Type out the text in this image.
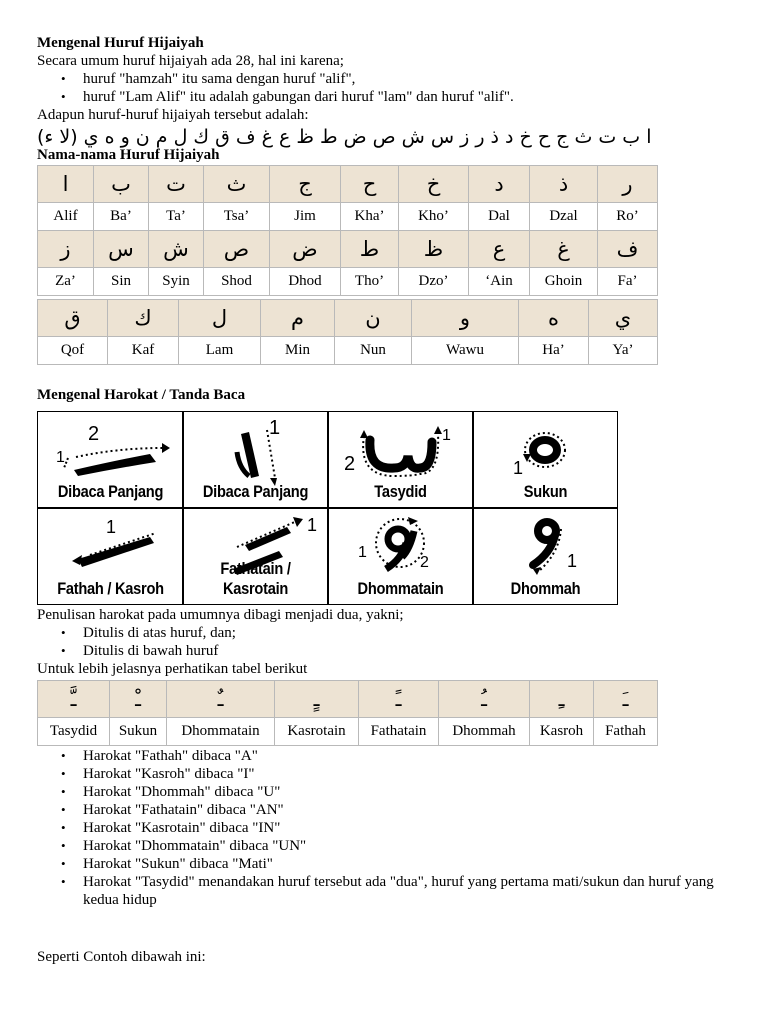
Mengenal Huruf Hijaiyah

Secara umum huruf hijaiyah ada 28, hal ini karena;

• huruf "hamzah" itu sama dengan huruf "alif",
• huruf "Lam Alif" itu adalah gabungan dari huruf "lam" dan huruf "alif".

Adapun huruf-huruf hijaiyah tersebut adalah:

ا ب ت ث ج ح خ د ذ ر ز س ش ص ض ط ظ ع غ ف ق ك ل م ن و ه ي (لا ء)

Nama-nama Huruf Hijaiyah

ا	ب	ت	ث	ج	ح	خ	د	ذ	ر
Alif	Ba’	Ta’	Tsa’	Jim	Kha’	Kho’	Dal	Dzal	Ro’
ز	س	ش	ص	ض	ط	ظ	ع	غ	ف
Za’	Sin	Syin	Shod	Dhod	Tho’	Dzo’	‘Ain	Ghoin	Fa’
ق	ك	ل	م	ن	و	ه	ي
Qof	Kaf	Lam	Min	Nun	Wawu	Ha’	Ya’

Mengenal Harokat / Tanda Baca

1
2
Dibaca Panjang
1
Dibaca Panjang
1
2
Tasydid
1
Sukun
1
Fathah / Kasroh
1
Fathatain / Kasrotain
1
2
Dhommatain
1
Dhommah

Penulisan harokat pada umumnya dibagi menjadi dua, yakni;

• Ditulis di atas huruf, dan;
• Ditulis di bawah huruf

Untuk lebih jelasnya perhatikan tabel berikut

ـَّ	ـْ	ـٌ	ـٍ	ـً	ـُ	ـِ	ـَ
Tasydid	Sukun	Dhommatain	Kasrotain	Fathatain	Dhommah	Kasroh	Fathah
• Harokat "Fathah" dibaca "A"
• Harokat "Kasroh" dibaca "I"
• Harokat "Dhommah" dibaca "U"
• Harokat "Fathatain" dibaca "AN"
• Harokat "Kasrotain" dibaca "IN"
• Harokat "Dhommatain" dibaca "UN"
• Harokat "Sukun" dibaca "Mati"
• Harokat "Tasydid" menandakan huruf tersebut ada "dua", huruf yang pertama mati/sukun dan huruf yang kedua hidup

Seperti Contoh dibawah ini:
